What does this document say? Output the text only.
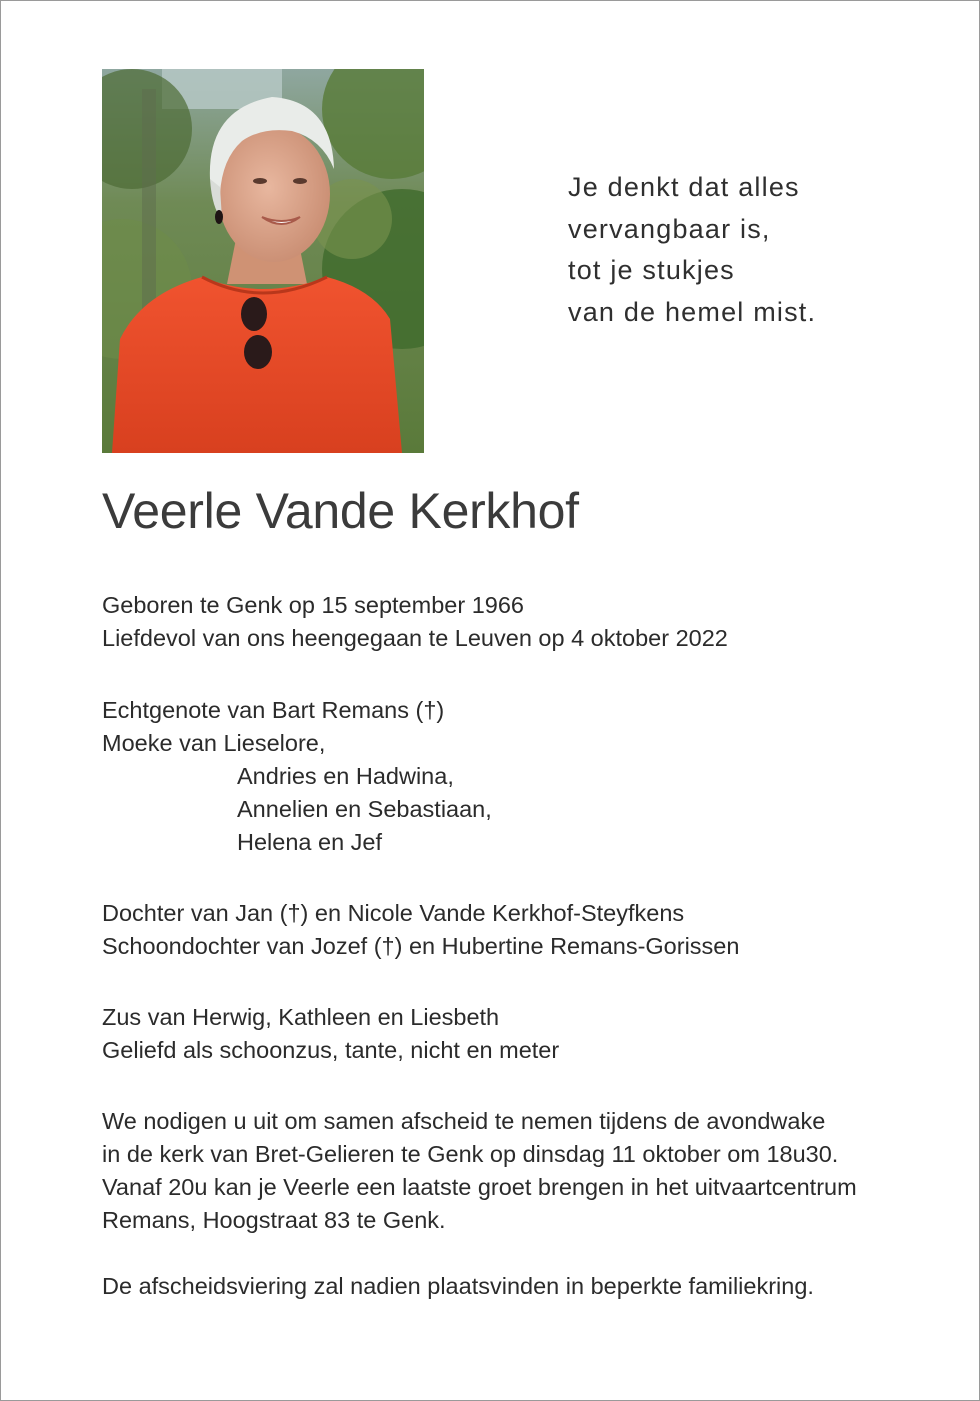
Je denkt dat alles
vervangbaar is,
tot je stukjes
van de hemel mist.
Veerle Vande Kerkhof
Geboren te Genk op 15 september 1966
Liefdevol van ons heengegaan te Leuven op 4 oktober 2022
Echtgenote van Bart Remans (†)
Moeke van Lieselore,
Andries en Hadwina,
Annelien en Sebastiaan,
Helena en Jef
Dochter van Jan (†) en Nicole Vande Kerkhof-Steyfkens
Schoondochter van Jozef (†) en Hubertine Remans-Gorissen
Zus van Herwig, Kathleen en Liesbeth
Geliefd als schoonzus, tante, nicht en meter
We nodigen u uit om samen afscheid te nemen tijdens de avondwake
in de kerk van Bret-Gelieren te Genk op dinsdag 11 oktober om 18u30.
Vanaf 20u kan je Veerle een laatste groet brengen in het uitvaartcentrum
Remans, Hoogstraat 83 te Genk.
De afscheidsviering zal nadien plaatsvinden in beperkte familiekring.
